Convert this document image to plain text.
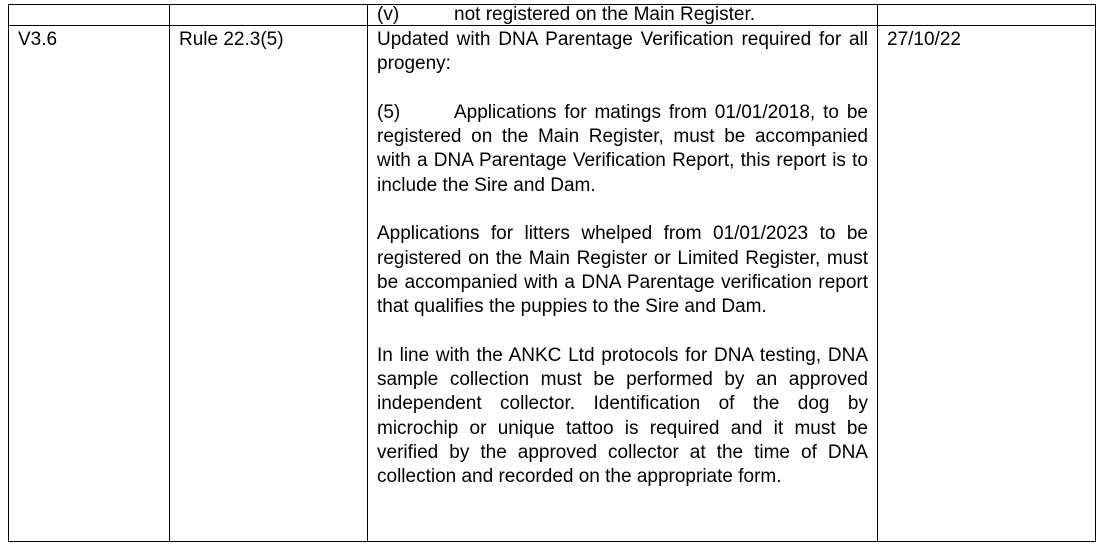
		(v) not registered on the Main Register.	
V3.6	Rule 22.3(5)	Updated with DNA Parentage Verification required for all progeny:

(5) Applications for matings from 01/01/2018, to be registered on the Main Register, must be accompanied with a DNA Parentage Verification Report, this report is to include the Sire and Dam.

Applications for litters whelped from 01/01/2023 to be registered on the Main Register or Limited Register, must be accompanied with a DNA Parentage verification report that qualifies the puppies to the Sire and Dam.

In line with the ANKC Ltd protocols for DNA testing, DNA sample collection must be performed by an approved independent collector. Identification of the dog by microchip or unique tattoo is required and it must be verified by the approved collector at the time of DNA collection and recorded on the appropriate form.	27/10/22
